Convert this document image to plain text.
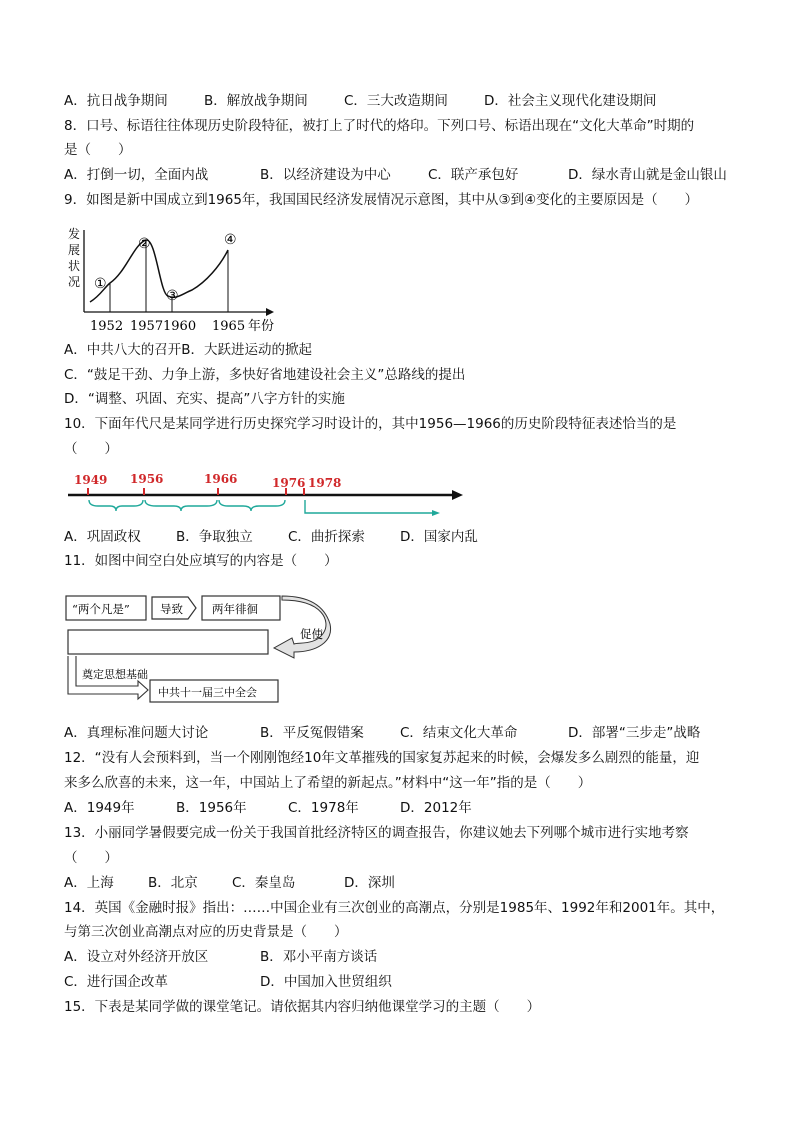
A．抗日战争期间	B．解放战争期间	C．三大改造期间	D．社会主义现代化建设期间
8．口号、标语往往体现历史阶段特征，被打上了时代的烙印。下列口号、标语出现在“文化大革命”时期的
是（　　）
A．打倒一切，全面内战	B．以经济建设为中心	C．联产承包好	D．绿水青山就是金山银山
9．如图是新中国成立到1965年，我国国民经济发展情况示意图，其中从③到④变化的主要原因是（　　）
发
展
状
况 ①
②
③
④
1952 1957 1960 1965 年份
A．中共八大的召开B．大跃进运动的掀起
C．“鼓足干劲、力争上游，多快好省地建设社会主义”总路线的提出
D．“调整、巩固、充实、提高”八字方针的实施
10．下面年代尺是某同学进行历史探究学习时设计的，其中1956—1966的历史阶段特征表述恰当的是
（　　）
1949 1956	1966	1976 1978
A．巩固政权	B．争取独立	C．曲折探索	D．国家内乱
11．如图中间空白处应填写的内容是（　　）
“两个凡是”	导致	两年徘徊
促使
奠定思想基础
中共十一届三中全会
A．真理标准问题大讨论	B．平反冤假错案	C．结束文化大革命	D．部署“三步走”战略
12．“没有人会预料到，当一个刚刚饱经10年文革摧残的国家复苏起来的时候，会爆发多么剧烈的能量，迎
来多么欣喜的未来，这一年，中国站上了希望的新起点。”材料中“这一年”指的是（　　）
A．1949年	B．1956年	C．1978年	D．2012年
13．小丽同学暑假要完成一份关于我国首批经济特区的调查报告，你建议她去下列哪个城市进行实地考察
（　　）
A．上海	B．北京	C．秦皇岛	D．深圳
14．英国《金融时报》指出：……中国企业有三次创业的高潮点，分别是1985年、1992年和2001年。其中，
与第三次创业高潮点对应的历史背景是（　　）
A．设立对外经济开放区	B．邓小平南方谈话
C．进行国企改革	D．中国加入世贸组织
15．下表是某同学做的课堂笔记。请依据其内容归纳他课堂学习的主题（　　）
